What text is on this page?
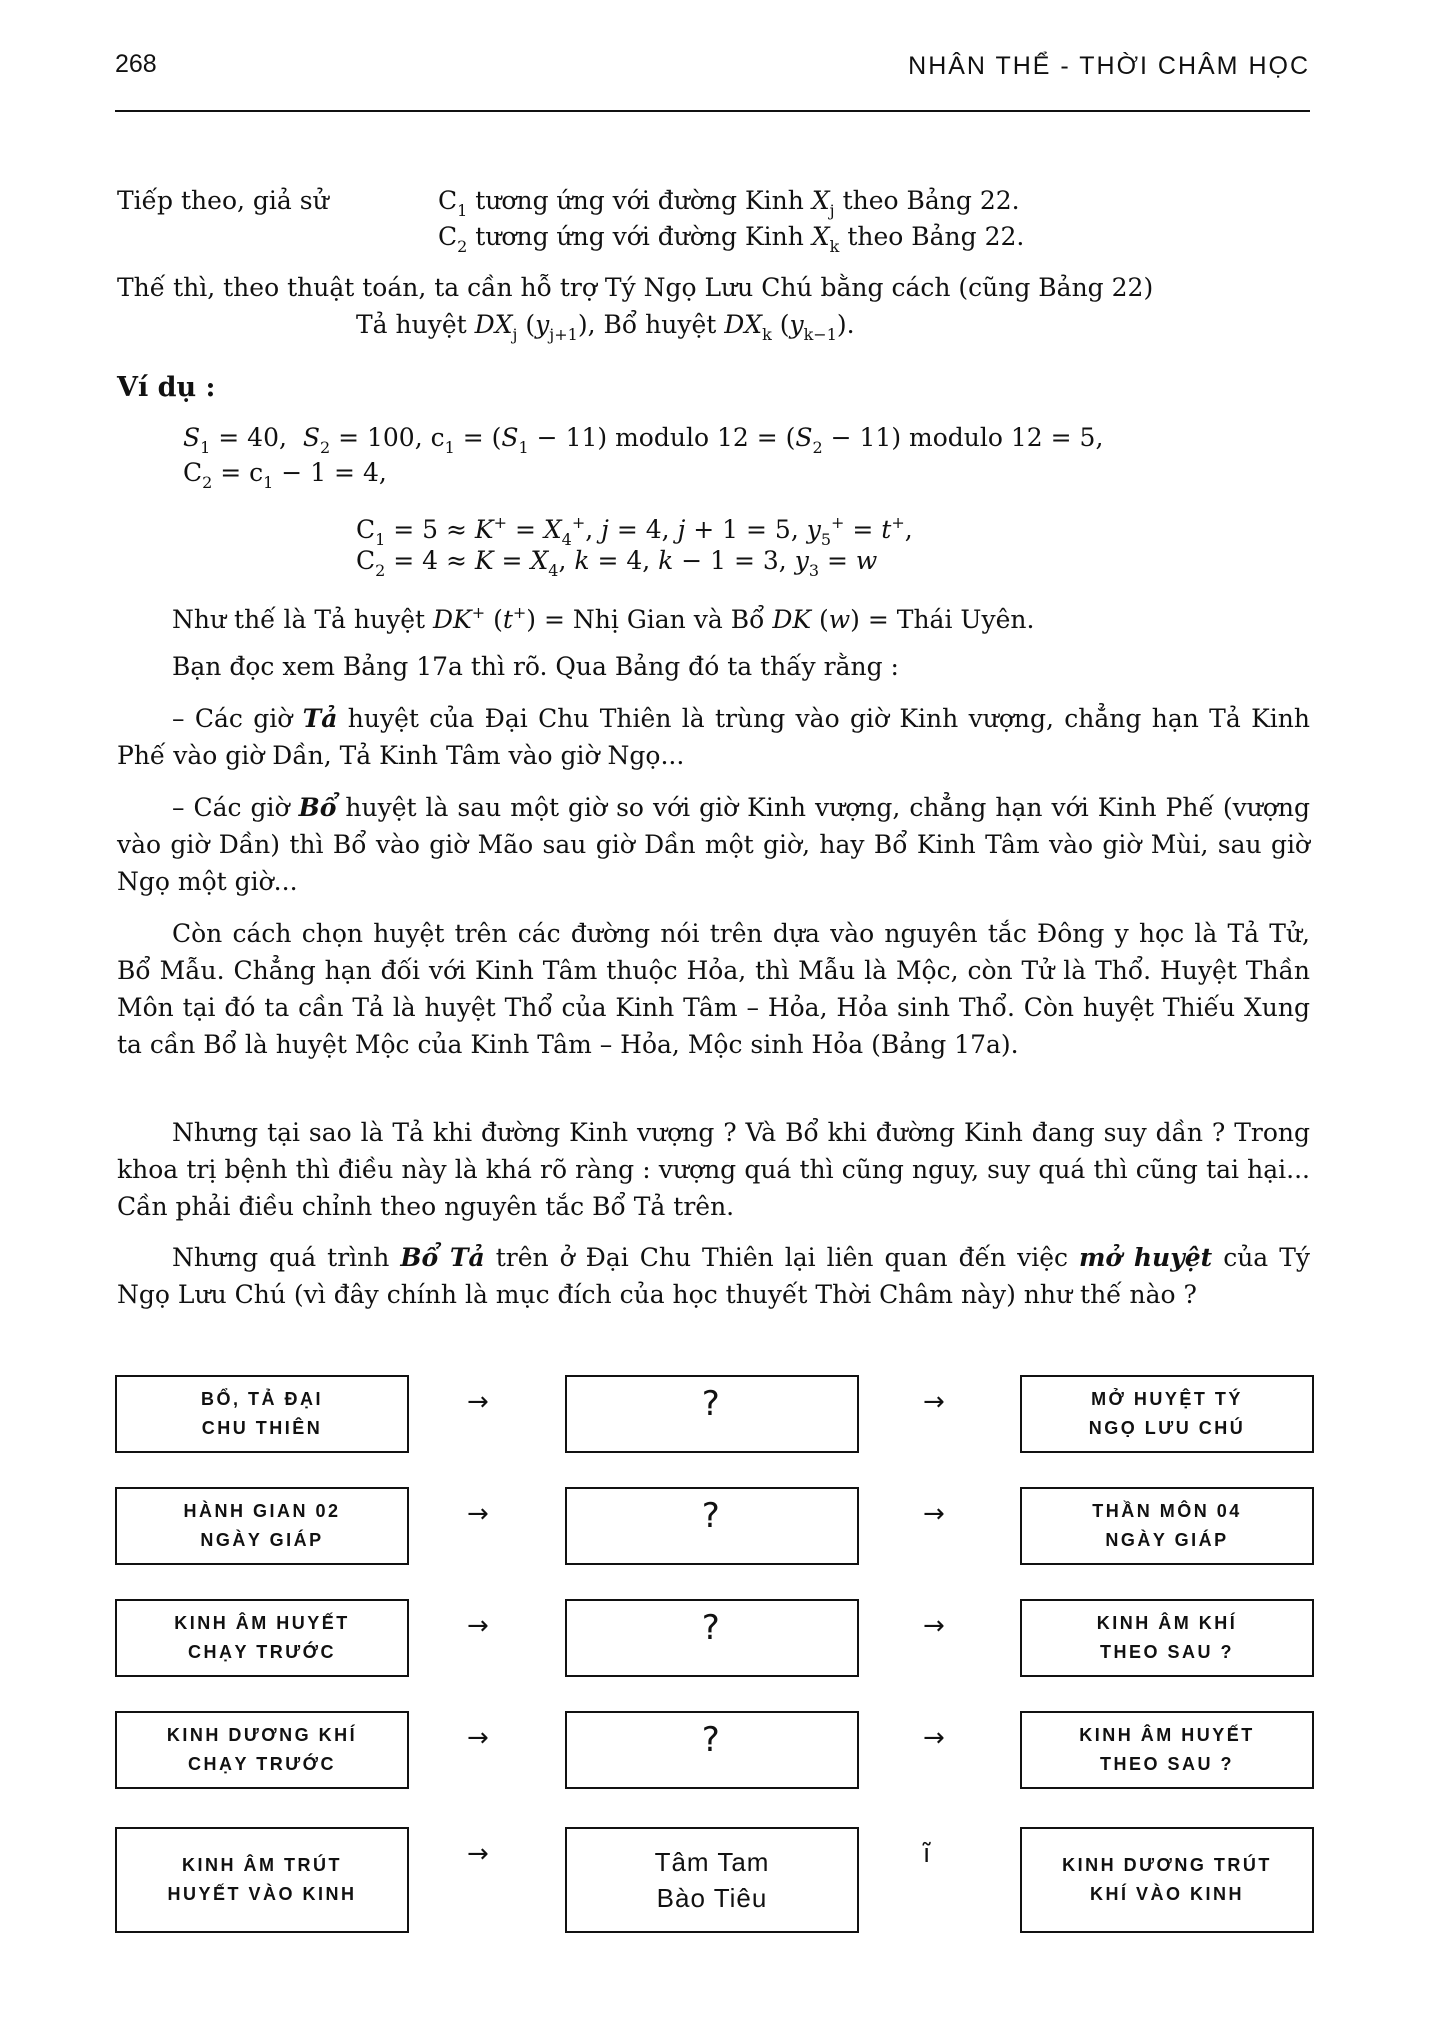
268	NHÂN THỂ - THỜI CHÂM HỌC
Tiếp theo, giả sử	$C_1$ tương ứng với đường Kinh $X_j$ theo Bảng 22.
$C_2$ tương ứng với đường Kinh $X_k$ theo Bảng 22.
Thế thì, theo thuật toán, ta cần hỗ trợ Tý Ngọ Lưu Chú bằng cách (cũng Bảng 22)
Tả huyệt $DX_j$ $(y_{j+1})$, Bổ huyệt $DX_k$ $(y_{k-1})$.
Ví dụ :
$S_1 = 40$,  $S_2 = 100$, $c_1 = (S_1 - 11)$ modulo $12 = (S_2 - 11)$ modulo 12 = 5,
$C_2 = c_1 - 1 = 4$,
$C_1 = 5 \approx K^+ = X_4^+$, j = 4, j + 1 = 5, $y_5^+ = t^+$,
$C_2 = 4 \approx K = X_4$, k = 4, k − 1 = 3, $y_3 = w$
Như thế là Tả huyệt DK+ (t+) = Nhị Gian và Bổ DK (w) = Thái Uyên.

Bạn đọc xem Bảng 17a thì rõ. Qua Bảng đó ta thấy rằng :

– Các giờ Tả huyệt của Đại Chu Thiên là trùng vào giờ Kinh vượng, chẳng hạn Tả Kinh Phế vào giờ Dần, Tả Kinh Tâm vào giờ Ngọ...

– Các giờ Bổ huyệt là sau một giờ so với giờ Kinh vượng, chẳng hạn với Kinh Phế (vượng vào giờ Dần) thì Bổ vào giờ Mão sau giờ Dần một giờ, hay Bổ Kinh Tâm vào giờ Mùi, sau giờ Ngọ một giờ...

Còn cách chọn huyệt trên các đường nói trên dựa vào nguyên tắc Đông y học là Tả Tử, Bổ Mẫu. Chẳng hạn đối với Kinh Tâm thuộc Hỏa, thì Mẫu là Mộc, còn Tử là Thổ. Huyệt Thần Môn tại đó ta cần Tả là huyệt Thổ của Kinh Tâm – Hỏa, Hỏa sinh Thổ. Còn huyệt Thiếu Xung ta cần Bổ là huyệt Mộc của Kinh Tâm – Hỏa, Mộc sinh Hỏa (Bảng 17a).

Nhưng tại sao là Tả khi đường Kinh vượng ? Và Bổ khi đường Kinh đang suy dần ? Trong khoa trị bệnh thì điều này là khá rõ ràng : vượng quá thì cũng nguy, suy quá thì cũng tai hại... Cần phải điều chỉnh theo nguyên tắc Bổ Tả trên.

Nhưng quá trình Bổ Tả trên ở Đại Chu Thiên lại liên quan đến việc mở huyệt của Tý Ngọ Lưu Chú (vì đây chính là mục đích của học thuyết Thời Châm này) như thế nào ?

BỔ, TẢ ĐẠI
CHU THIÊN
→	?	→	MỞ HUYỆT TÝ
NGỌ LƯU CHÚ
HÀNH GIAN 02
NGÀY GIÁP
→	?	→	THẦN MÔN 04
NGÀY GIÁP
KINH ÂM HUYẾT
CHẠY TRƯỚC
→	?	→	KINH ÂM KHÍ
THEO SAU ?
KINH DƯƠNG KHÍ
CHẠY TRƯỚC
→	?	→	KINH ÂM HUYẾT
THEO SAU ?
KINH ÂM TRÚT
HUYẾT VÀO KINH
→	Tâm Tam
Bào Tiêu
ĩ	KINH DƯƠNG TRÚT
KHÍ VÀO KINH
